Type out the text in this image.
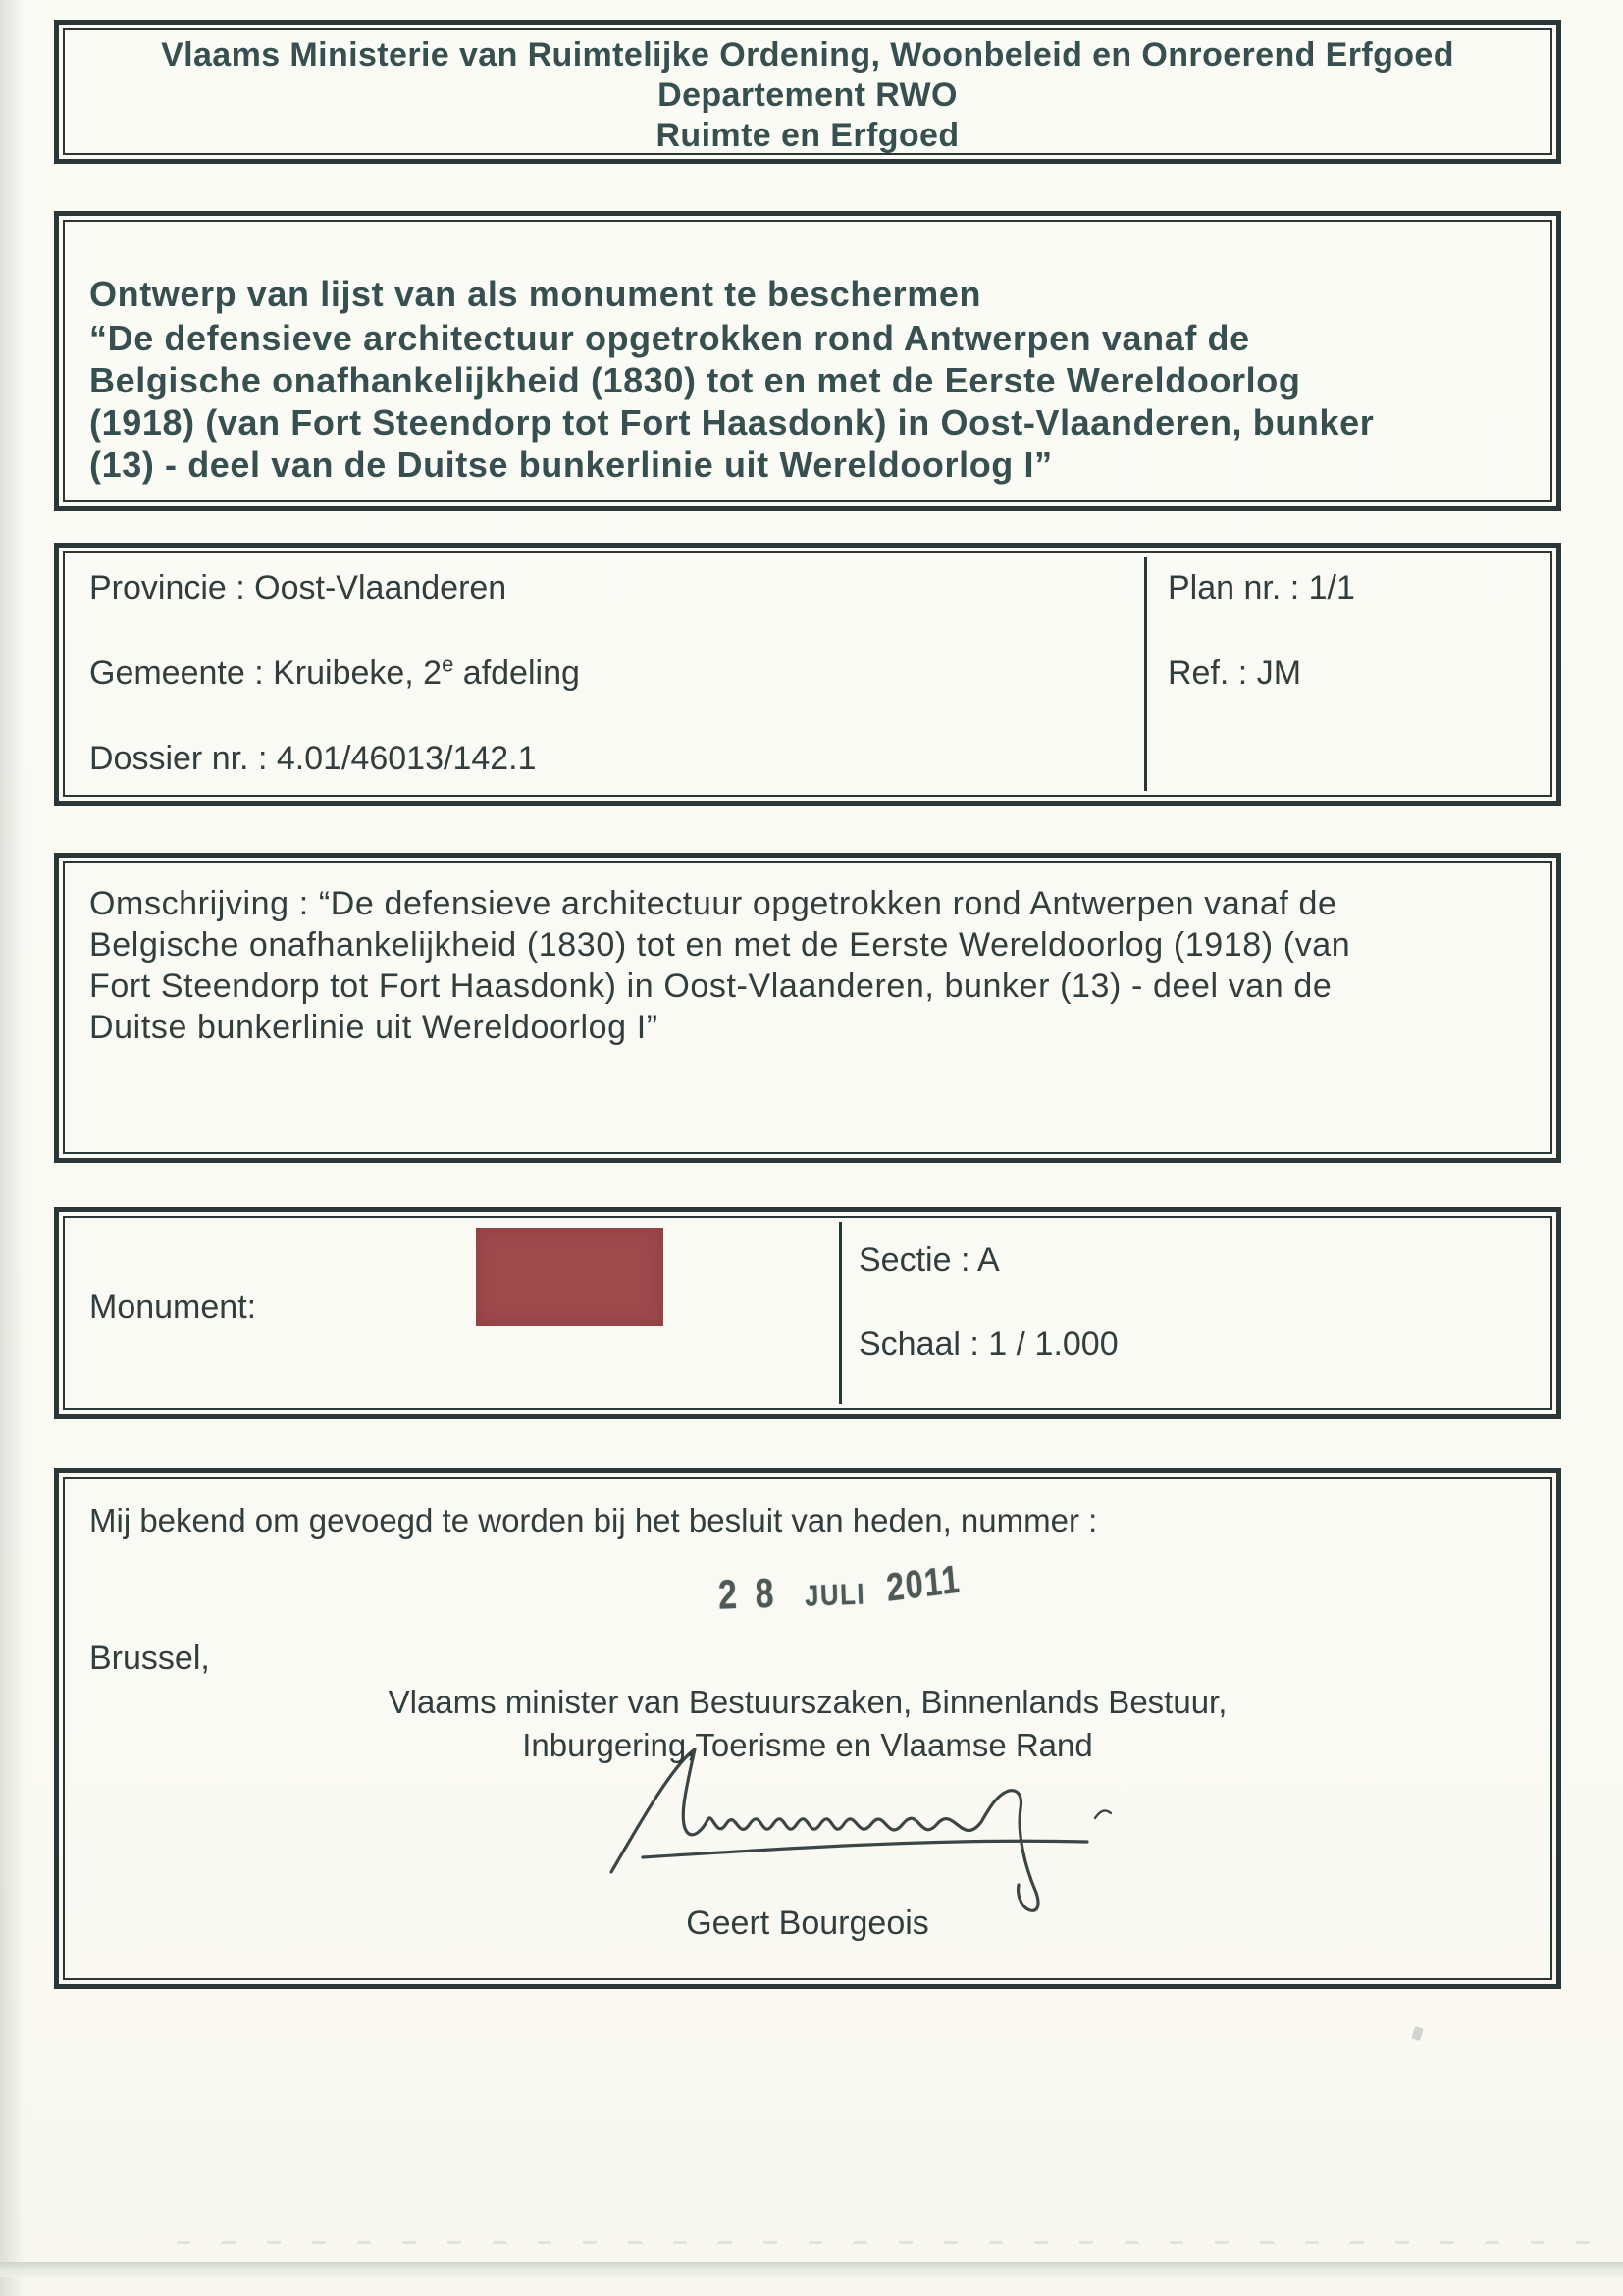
Vlaams Ministerie van Ruimtelijke Ordening, Woonbeleid en Onroerend Erfgoed
Departement RWO
Ruimte en Erfgoed
Ontwerp van lijst van als monument te beschermen
“De defensieve architectuur opgetrokken rond Antwerpen vanaf de
Belgische onafhankelijkheid (1830) tot en met de Eerste Wereldoorlog
(1918) (van Fort Steendorp tot Fort Haasdonk) in Oost-Vlaanderen, bunker
(13) - deel van de Duitse bunkerlinie uit Wereldoorlog I”
Provincie : Oost-Vlaanderen
Gemeente : Kruibeke, 2e afdeling
Dossier nr. : 4.01/46013/142.1
Plan nr. : 1/1
Ref. : JM
Omschrijving : “De defensieve architectuur opgetrokken rond Antwerpen vanaf de
Belgische onafhankelijkheid (1830) tot en met de Eerste Wereldoorlog (1918) (van
Fort Steendorp tot Fort Haasdonk) in Oost-Vlaanderen, bunker (13) - deel van de
Duitse bunkerlinie uit Wereldoorlog I”
Monument:
Sectie : A
Schaal : 1 / 1.000
Mij bekend om gevoegd te worden bij het besluit van heden, nummer :
2 8 JULI 2011
Brussel,
Vlaams minister van Bestuurszaken, Binnenlands Bestuur,
Inburgering,Toerisme en Vlaamse Rand
Geert Bourgeois
